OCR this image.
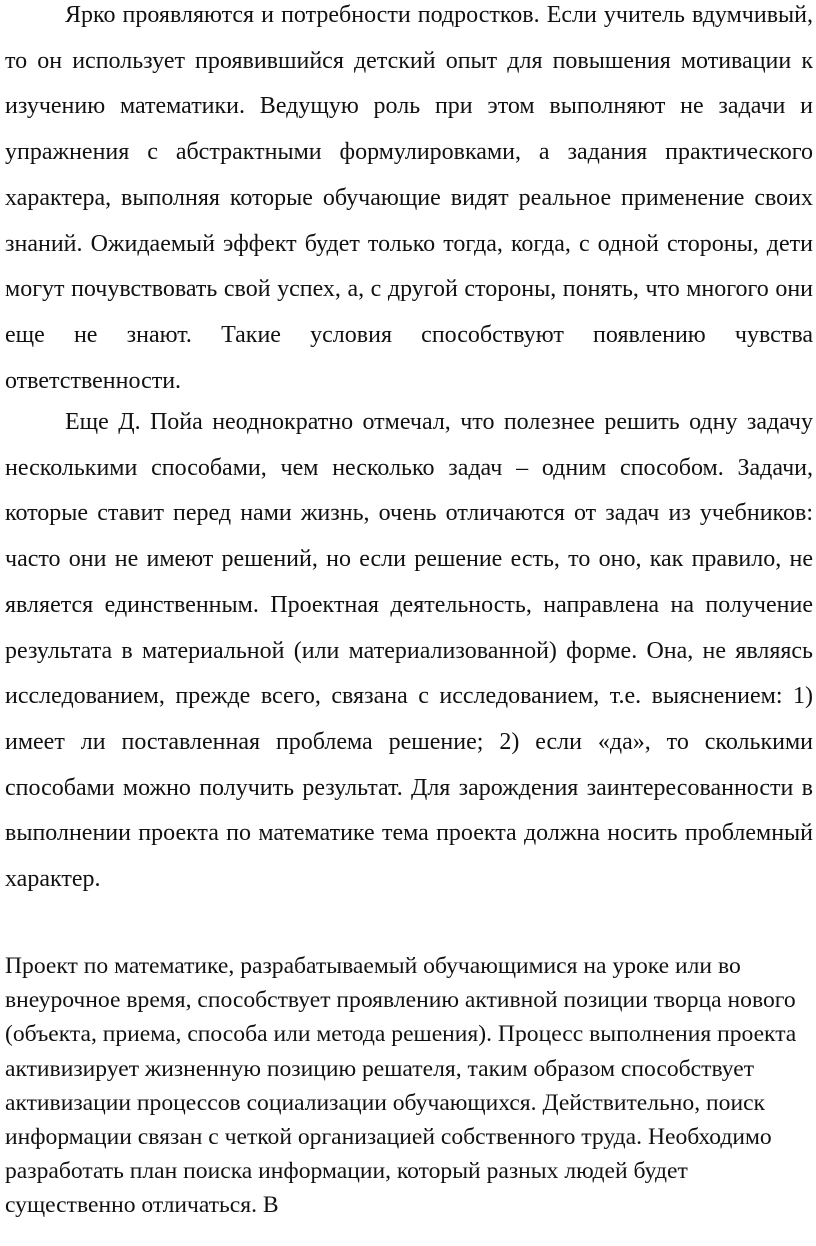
Ярко проявляются и потребности подростков. Если учитель вдумчивый, то он использует проявившийся детский опыт для повышения мотивации к изучению математики. Ведущую роль при этом выполняют не задачи и упражнения с абстрактными формулировками, а задания практического характера, выполняя которые обучающие видят реальное применение своих знаний. Ожидаемый эффект будет только тогда, когда, с одной стороны, дети могут почувствовать свой успех, а, с другой стороны, понять, что многого они еще не знают. Такие условия способствуют появлению чувства ответственности.

Еще Д. Пойа неоднократно отмечал, что полезнее решить одну задачу несколькими способами, чем несколько задач – одним способом. Задачи, которые ставит перед нами жизнь, очень отличаются от задач из учебников: часто они не имеют решений, но если решение есть, то оно, как правило, не является единственным. Проектная деятельность, направлена на получение результата в материальной (или материализованной) форме. Она, не являясь исследованием, прежде всего, связана с исследованием, т.е. выяснением: 1) имеет ли поставленная проблема решение; 2) если «да», то сколькими способами можно получить результат. Для зарождения заинтересованности в выполнении проекта по математике тема проекта должна носить проблемный характер.

Проект по математике, разрабатываемый обучающимися на уроке или во внеурочное время, способствует проявлению активной позиции творца нового (объекта, приема, способа или метода решения). Процесс выполнения проекта активизирует жизненную позицию решателя, таким образом способствует активизации процессов социализации обучающихся. Действительно, поиск информации связан с четкой организацией собственного труда. Необходимо разработать план поиска информации, который разных людей будет существенно отличаться. В
